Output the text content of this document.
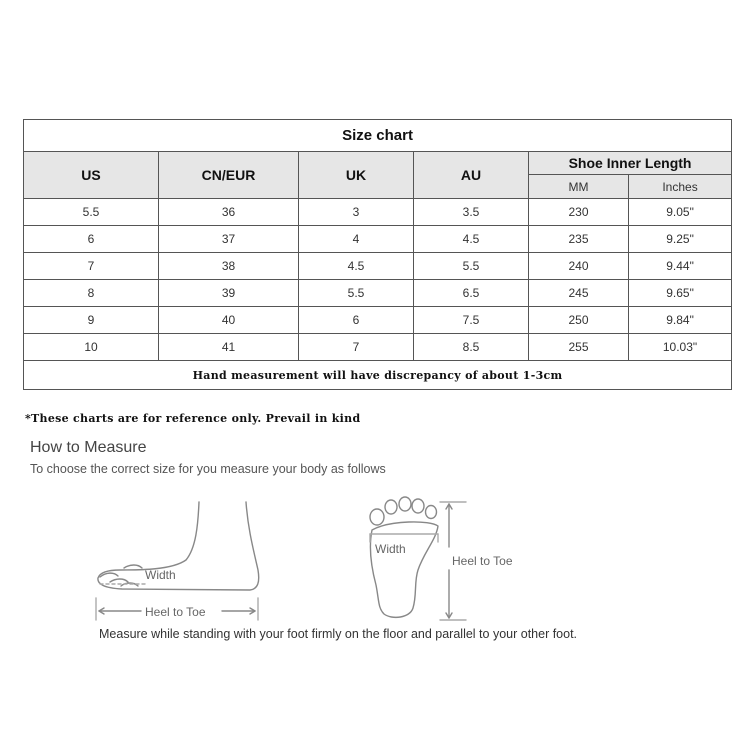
Size chart					
US	CN/EUR	UK	AU	Shoe Inner Length	
				MM	Inches
5.5	36	3	3.5	230	9.05"
6	37	4	4.5	235	9.25"
7	38	4.5	5.5	240	9.44"
8	39	5.5	6.5	245	9.65"
9	40	6	7.5	250	9.84"
10	41	7	8.5	255	10.03"
Hand measurement will have discrepancy of about 1-3cm					
*These charts are for reference only. Prevail in kind
How to Measure
To choose the correct size for you measure your body as follows
Width
Heel to Toe
Width
Heel to Toe
Measure while standing with your foot firmly on the floor and parallel to your other foot.
